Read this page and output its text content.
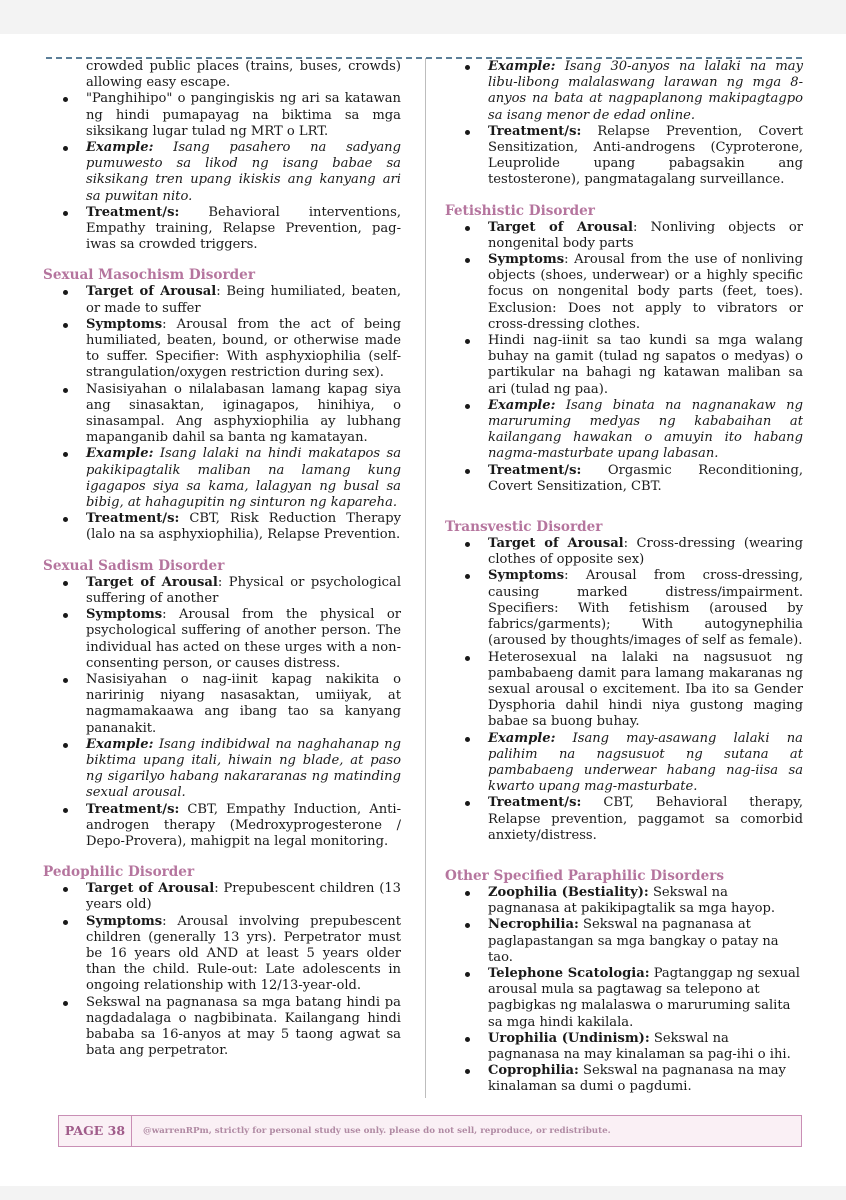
crowded public places (trains, buses, crowds) allowing easy escape.
"Panghihipo" o pangingiskis ng ari sa katawan ng hindi pumapayag na biktima sa mga siksikang lugar tulad ng MRT o LRT.
Example: Isang pasahero na sadyang pumuwesto sa likod ng isang babae sa siksikang tren upang ikiskis ang kanyang ari sa puwitan nito.
Treatment/s: Behavioral interventions, Empathy training, Relapse Prevention, pag-iwas sa crowded triggers.
Sexual Masochism Disorder
Target of Arousal: Being humiliated, beaten, or made to suffer
Symptoms: Arousal from the act of being humiliated, beaten, bound, or otherwise made to suffer. Specifier: With asphyxiophilia (self-strangulation/oxygen restriction during sex).
Nasisiyahan o nilalabasan lamang kapag siya ang sinasaktan, iginagapos, hinihiya, o sinasampal. Ang asphyxiophilia ay lubhang mapanganib dahil sa banta ng kamatayan.
Example: Isang lalaki na hindi makatapos sa pakikipagtalik maliban na lamang kung igagapos siya sa kama, lalagyan ng busal sa bibig, at hahagupitin ng sinturon ng kapareha.
Treatment/s: CBT, Risk Reduction Therapy (lalo na sa asphyxiophilia), Relapse Prevention.
Sexual Sadism Disorder
Target of Arousal: Physical or psychological suffering of another
Symptoms: Arousal from the physical or psychological suffering of another person. The individual has acted on these urges with a non-consenting person, or causes distress.
Nasisiyahan o nag-iinit kapag nakikita o naririnig niyang nasasaktan, umiiyak, at nagmamakaawa ang ibang tao sa kanyang pananakit.
Example: Isang indibidwal na naghahanap ng biktima upang itali, hiwain ng blade, at paso ng sigarilyo habang nakararanas ng matinding sexual arousal.
Treatment/s: CBT, Empathy Induction, Anti-androgen therapy (Medroxyprogesterone / Depo-Provera), mahigpit na legal monitoring.
Pedophilic Disorder
Target of Arousal: Prepubescent children (13 years old)
Symptoms: Arousal involving prepubescent children (generally 13 yrs). Perpetrator must be 16 years old AND at least 5 years older than the child. Rule-out: Late adolescents in ongoing relationship with 12/13-year-old.
Sekswal na pagnanasa sa mga batang hindi pa nagdadalaga o nagbibinata. Kailangang hindi bababa sa 16-anyos at may 5 taong agwat sa bata ang perpetrator.
Example: Isang 30-anyos na lalaki na may libu-libong malalaswang larawan ng mga 8-anyos na bata at nagpaplanong makipagtagpo sa isang menor de edad online.
Treatment/s: Relapse Prevention, Covert Sensitization, Anti-androgens (Cyproterone, Leuprolide upang pabagsakin ang testosterone), pangmatagalang surveillance.
Fetishistic Disorder
Target of Arousal: Nonliving objects or nongenital body parts
Symptoms: Arousal from the use of nonliving objects (shoes, underwear) or a highly specific focus on nongenital body parts (feet, toes). Exclusion: Does not apply to vibrators or cross-dressing clothes.
Hindi nag-iinit sa tao kundi sa mga walang buhay na gamit (tulad ng sapatos o medyas) o partikular na bahagi ng katawan maliban sa ari (tulad ng paa).
Example: Isang binata na nagnanakaw ng maruruming medyas ng kababaihan at kailangang hawakan o amuyin ito habang nagma-masturbate upang labasan.
Treatment/s: Orgasmic Reconditioning, Covert Sensitization, CBT.
Transvestic Disorder
Target of Arousal: Cross-dressing (wearing clothes of opposite sex)
Symptoms: Arousal from cross-dressing, causing marked distress/impairment. Specifiers: With fetishism (aroused by fabrics/garments); With autogynephilia (aroused by thoughts/images of self as female).
Heterosexual na lalaki na nagsusuot ng pambabaeng damit para lamang makaranas ng sexual arousal o excitement. Iba ito sa Gender Dysphoria dahil hindi niya gustong maging babae sa buong buhay.
Example: Isang may-asawang lalaki na palihim na nagsusuot ng sutana at pambabaeng underwear habang nag-iisa sa kwarto upang mag-masturbate.
Treatment/s: CBT, Behavioral therapy, Relapse prevention, paggamot sa comorbid anxiety/distress.
Other Specified Paraphilic Disorders
Zoophilia (Bestiality): Sekswal na pagnanasa at pakikipagtalik sa mga hayop.
Necrophilia: Sekswal na pagnanasa at paglapastangan sa mga bangkay o patay na tao.
Telephone Scatologia: Pagtanggap ng sexual arousal mula sa pagtawag sa telepono at pagbigkas ng malalaswa o maruruming salita sa mga hindi kakilala.
Urophilia (Undinism): Sekswal na pagnanasa na may kinalaman sa pag-ihi o ihi.
Coprophilia: Sekswal na pagnanasa na may kinalaman sa dumi o pagdumi.
PAGE 38	@warrenRPm, strictly for personal study use only. please do not sell, reproduce, or redistribute.
